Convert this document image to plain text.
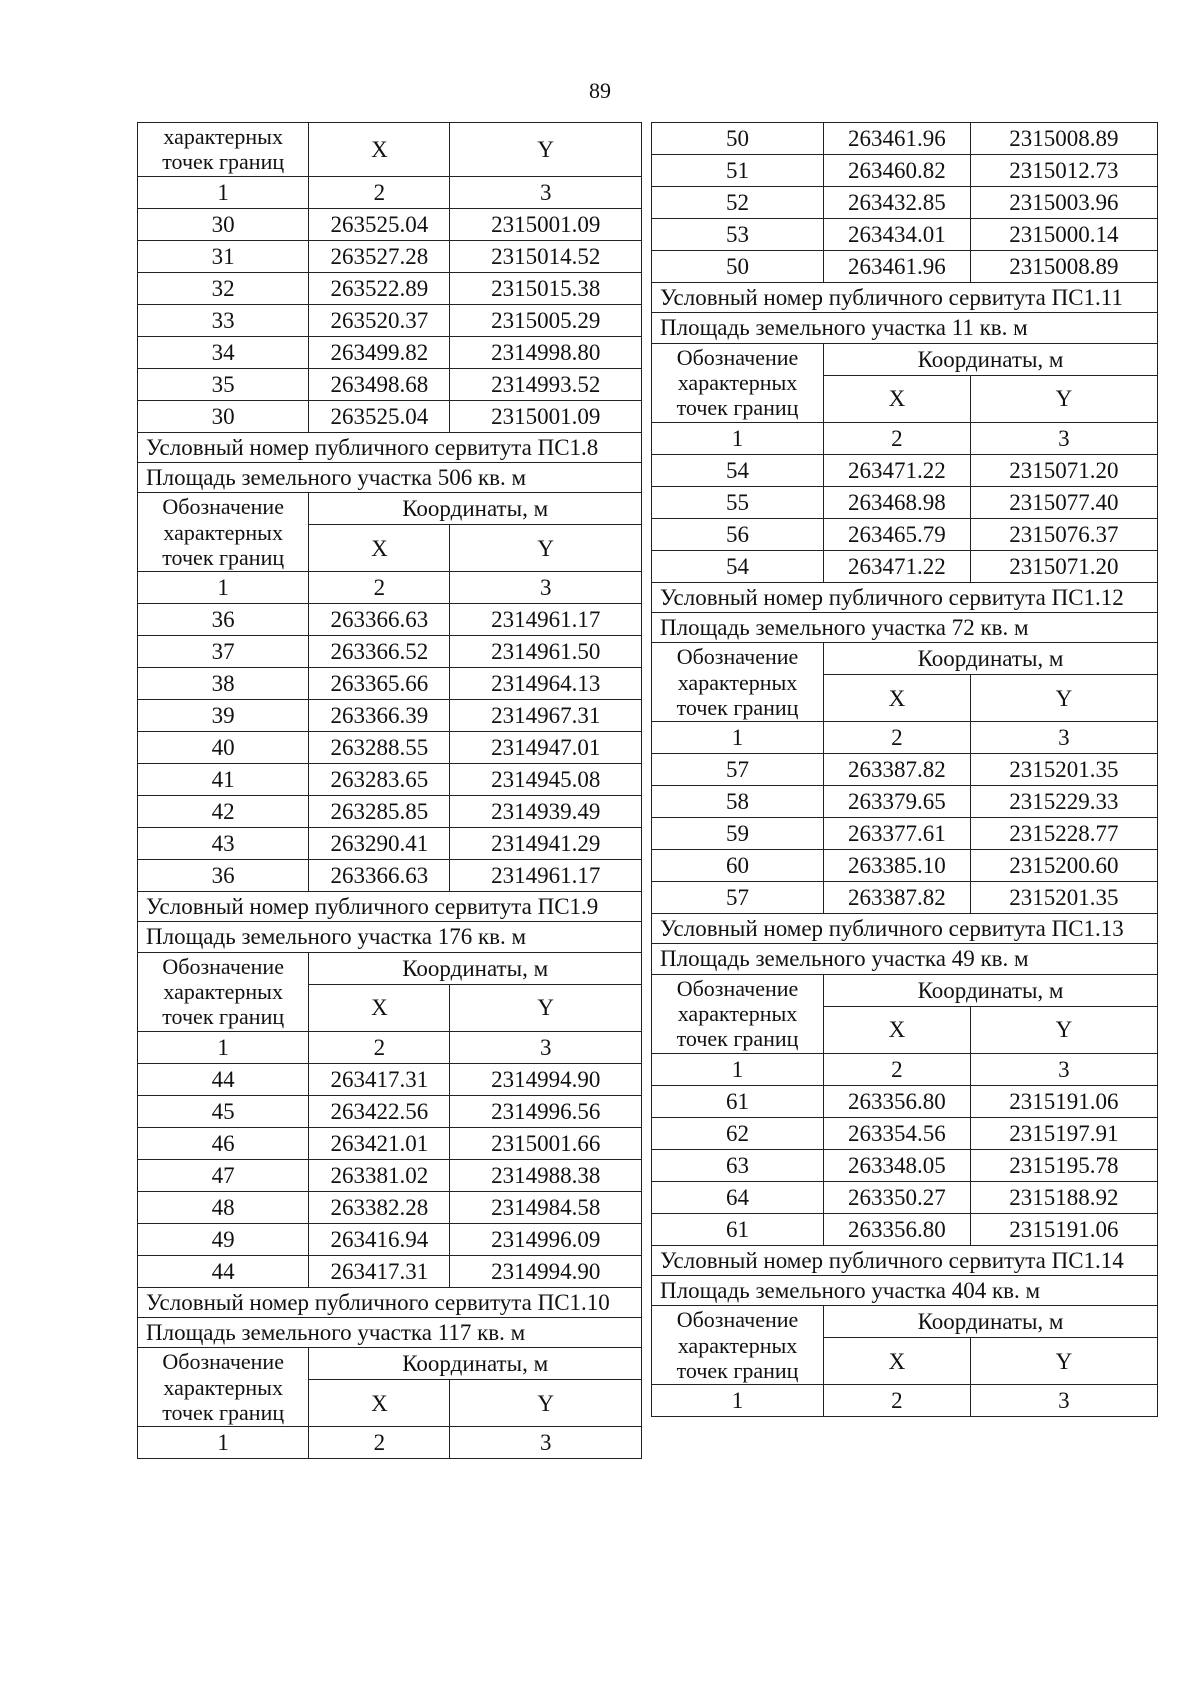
89
характерных
точек границ	X	Y
1	2	3
30	263525.04	2315001.09
31	263527.28	2315014.52
32	263522.89	2315015.38
33	263520.37	2315005.29
34	263499.82	2314998.80
35	263498.68	2314993.52
30	263525.04	2315001.09
Условный номер публичного сервитута ПС1.8		
Площадь земельного участка 506 кв. м		

Обозначение
характерных
точек границ	Координаты, м	
	X	Y
1	2	3
36	263366.63	2314961.17
37	263366.52	2314961.50
38	263365.66	2314964.13
39	263366.39	2314967.31
40	263288.55	2314947.01
41	263283.65	2314945.08
42	263285.85	2314939.49
43	263290.41	2314941.29
36	263366.63	2314961.17
Условный номер публичного сервитута ПС1.9		
Площадь земельного участка 176 кв. м		

Обозначение
характерных
точек границ	Координаты, м	
	X	Y
1	2	3
44	263417.31	2314994.90
45	263422.56	2314996.56
46	263421.01	2315001.66
47	263381.02	2314988.38
48	263382.28	2314984.58
49	263416.94	2314996.09
44	263417.31	2314994.90
Условный номер публичного сервитута ПС1.10		
Площадь земельного участка 117 кв. м		

Обозначение
характерных
точек границ	Координаты, м	
	X	Y
1	2	3
50	263461.96	2315008.89
51	263460.82	2315012.73
52	263432.85	2315003.96
53	263434.01	2315000.14
50	263461.96	2315008.89
Условный номер публичного сервитута ПС1.11		
Площадь земельного участка 11 кв. м		

Обозначение
характерных
точек границ	Координаты, м	
	X	Y
1	2	3
54	263471.22	2315071.20
55	263468.98	2315077.40
56	263465.79	2315076.37
54	263471.22	2315071.20
Условный номер публичного сервитута ПС1.12		
Площадь земельного участка 72 кв. м		

Обозначение
характерных
точек границ	Координаты, м	
	X	Y
1	2	3
57	263387.82	2315201.35
58	263379.65	2315229.33
59	263377.61	2315228.77
60	263385.10	2315200.60
57	263387.82	2315201.35
Условный номер публичного сервитута ПС1.13		
Площадь земельного участка 49 кв. м		

Обозначение
характерных
точек границ	Координаты, м	
	X	Y
1	2	3
61	263356.80	2315191.06
62	263354.56	2315197.91
63	263348.05	2315195.78
64	263350.27	2315188.92
61	263356.80	2315191.06
Условный номер публичного сервитута ПС1.14		
Площадь земельного участка 404 кв. м		

Обозначение
характерных
точек границ	Координаты, м	
	X	Y
1	2	3
